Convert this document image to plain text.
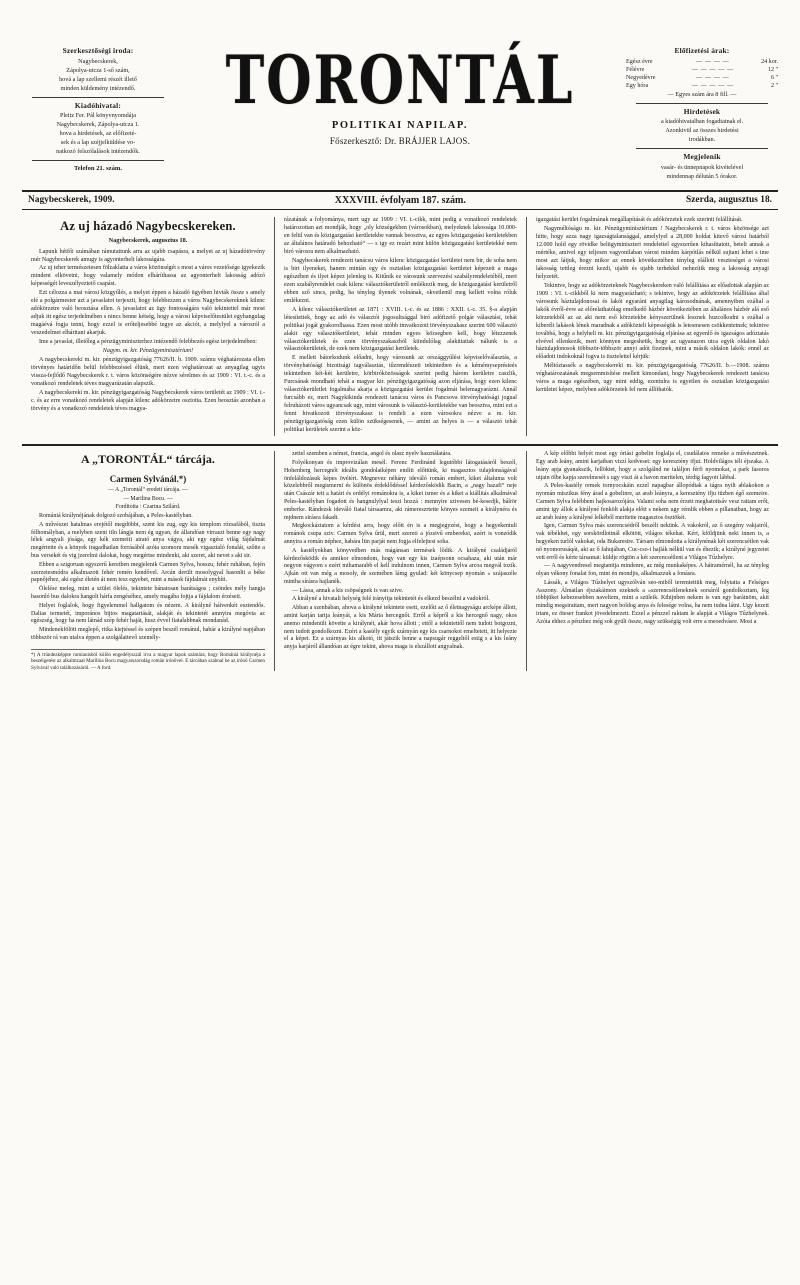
Szerkesztőségi iroda:
Nagybecskerek,
Zápolya-utcza 1-ső szám,
hová a lap szellemi részét illető
minden küldemény intézendő.
Kiadóhivatal:
Pleitz Fer. Pál könyvnyomdája
Nagybecskerek, Zápolya-utcza 1.
hova a hirdetések, az előfizeté-
sek és a lap széjjelküldése vo-
natkozó felszólalások intézendők.
Telefon 21. szám.
TORONTÁL
POLITIKAI NAPILAP.
Főszerkesztő: Dr. BRÁJJER LAJOS.
Előfizetési árak:
Egész évre	— — — —	24 kor.
Félévre	— — — — —	12 "
Negyedévre	— — — —	6 "
Egy hóra	— — — — —	2 "
— Egyes szám ára 8 fill. —
Hirdetések
a kiadóhivatalban fogadtatnak el.
Azonkivül az összes hirdetési
irodákban.
Megjelenik
vasár- és ünnepnapok kivételével
mindennap délután 5 órakor.
Nagybecskerek, 1909.	XXXVIII. évfolyam 187. szám.	Szerda, augusztus 18.
Az uj házadó Nagybecskereken.
Nagybecskerek, augusztus 18.

Lapunk hétfői számában rámutattunk arra az ujabb csapásra, a melyet az uj házadótörvény mér Nagybecskerek amugy is agyonterhelt lakosságára.

Az uj teher természetesen fölzaklatta a város közönségét s most a város vezetősége igyekezik mindent elkövetni, hogy valamely módon elháríthassa az agyonterhelt lakosság adózó képességét leveszélyeztető csapást.

Ezt célozza a mai városi közgyűlés, a melyet éppen a házadó ügyében hivták össze s amely elé a polgármester azt a javaslatot terjeszti, hogy felebbezzen a város Nagybecskereknek kilenc adókörzetre való beosztása ellen. A javaslatot az ügy fontosságára való tekintettel már most adjuk itt egész terjedelmében s nincs benne kétség, hogy a városi képviselőtestület egyhangulag magáévá fogja tenni, hogy ezzel is erőteljesebbé tegye az akciót, a melylyel a városról a veszedelmet elháritani akarjuk.

Ime a javaslat, illetőleg a pénzügyminiszterhez intézendő felebbezés egész terjedelmében:

Nagym. m. kir. Pénzügyminisztérium!

A nagybecskereki m. kir. pénzügyigazgatóság 77626/II. b. 1909. számu véghatározata ellen törvényes határidőn belül felebbezéssel élünk, mert ezen véghatározat az anyagilag ugyis vissza-fejlődő Nagybecskerek r. t. város közönségére nézve sérelmes és az 1909 : VI. t.-c. és a vonatkozó rendeletek téves magyarázatán alapszik.

A nagybecskereki m. kir. pénzügyigazgatóság Nagybecskerek város területét az 1909 : VI. t.-c. és az erre vonatkozó rendeletek alapján kilenc adókörzetre osztotta. Ezen beosztás azonban a törvény és a vonatkozó rendeletek téves magya-

rázatának a folyománya, mert ugy az 1909 : VI. t.-cikk, mint pedig a vonatkozó rendeletek határozottan azt mondják, hogy „oly községekben (városokban), melyeknek lakossága 10.000-en felül van és közigazgatási kerületekbe vannak beosztva, az egyes közigazgatási kerületekben az általános határadó behozható“ — s igy ez rezárt mint külön közigazgatási kerületekké nem biró városra nem alkalmazható.

Nagybecskerek rendezett tanácsu város kilenc közigazgatási kerületet nem bir, de soha nem is birt ilyeneket, hanem mintán egy és osztatlan közigazgatási kerületet képezett a maga egészében és ilyet képez jelenleg is. Kitűnik ez városunk szervezési szabályrendeletéből, mert ezen szabályrendelet csak kilenc választókerületről emlékezik meg, de közigazgatási kerületről ebben sző sincs, pedig, ha tényleg ilyenek volnának, okvetlenül meg kellett volna róluk emlékezni.

A kilenc választókerületet az 1871 : XVIII. t.-c. és az 1886 : XXII. t.-c. 35. §-a alapján létesítettek, hogy az adó és választói jogosultsággal biró adófizető polgár választási, tehát politikai jogát gyakorolhassa. Ezen most utóbb imvatkozott törvényszakasz szerint 600 választó alakit egy választókerületet, tehát minden egyes közsegben kell, hogy létezzenek választókerületek és ezen törvényszakaszból kiindulólag alakittattak nálunk is a választókerületek, de ezek nem közigazgatási kerületek.

E mellett bátorkodunk előadni, hogy városunk az országgyűlési képviselőválasztás, a törvényhatósági bizottsági tagválasztás, tűzrendészeti tekintetben és a kémémyseprésteés tekintetben két-két kerületre, körbiróközösságok szerint pedig három kerületre caszlik, Furcsának mondható tehát a magyar kir. pénzügyigazgatóság azon eljárása, hogy ezen kilenc választókerületlet fogalmába akarja a közigazgatási kerület fogalmát belemagyarázni. Annál furcsább ez, mert Nagykikinda rendezett tanácsu város és Pancsova törvényhatósági jogual felruházott város ugyancsak ugy, mint városunk is választó-kerületekbe van beosztva, mint ezt a fennt hivatkozott törvényszakasz is rendeli a ezen városokra nézve a m. kir. pénzügyigazgatóság ezen külön szükségesenek, — amint az helyes is — a választó tehát politikai kerületek szerint a köz-

igazgatási kerület fogalmának megállapítását és adókörzetek ezek szerinti felállítását.

Nagyméltóságu m. kir. Pénzügyminisztérium ! Nagybecskerek r. t. város közönsége azt hitte, hogy azza nagy igazságtalansággal, amelylyel a 28,000 holdat kitevő városi határból 12.000 hold egy rövidke belügyminiszteri rendelettel egyszerűen kihasíttatott, betelt annak a mértéke, amivel egy teljesen vagyonilaban városi minden kárpótlás nélkül sujtani lehet s ime most azt látjuk, hogy mikor az ennek következtében tényleg elállott veszteséget a városi lakosság tettleg érezni kezdi, ujabb és ujabb terhekkel nehezítik meg a lakosság anyagi helyzetét.

Tekintve, hogy az adókörzeteknek Nagybecskereken való felállítása az előadottak alapján az 1909 : VI. t.-cikkből ki nem magyarázható; s tekintve, hogy az adókörzetek felállítása által városunk háztulajdonosai és lakói egyaránt anyagilag károsodnának, amennyiben ezáltal a lakók évről-évre az előrelathatólag emelkedő házbér következtében az általános házbér alá eső körzetekből az az aki nem eső körzetekbe kényszerülnek lesznek huzcolkodni s ezáltal a kiberélt lakások lének maradnak a adóközteli képességük is letesmesen csökkentetnek; tekintve továbbá, hogy a helyheli m. kir. pénzügyigazgatóság eljárása az egyenlő és igazságos adóztatás elvével ellenkezik, mert könnyen megeshetik, hogy az ugyanazon utca egyik oldalon lakó háztulajdonosok többször-többször annyi adót fizeinek, mint a másik oldalon lakók: ennél az előadott indokoknál fogva is tisztelettel kérjük:

Méltóztassék a nagybecskereki m. kir. pénzügyigazgatóság 77626/II. b.—1908. számu véghatározatának megsemmisítése mellett kimondani, hogy Nagybecskerek rendezett tanácsu város a maga egészében, ugy mint eddig, ezentulra is egyetlen és osztatlan közigazgatási kerületet képez, melyben adókörzetek fel nem állíthatók.

A „TORONTÁL“ tárcája.
Carmen Sylvánál.*)
— A „Torontál“ eredeti tárcája. —
— Marilina Bocu. —
Forditotta : Czarina Szilárd.

Romániá királynéjának dolgozó szobájában, a Peles-kastélyban.

A művészet hatalmas erejétől megdöbbt, szent kis zug, egy kis templom rózsafából, tiszta félhomályban, a melyben szent tiln lángja nem ég ugyan, de állandóan virraszt benne egy nagy lélek angyali jósága, egy kék szemeiti airató anya vágya, aki egy egész világ fájdalmát megértette és a könyek iragadhatlan forrásából azóta szomoru mesék vigasztaló fonalát, szőtte a bus versekét és vig jzerelmi dalokat, hogy megértse mindenki, aki szeret, aki nevet s aki sir.

Ebben a szigoruan egyszerű keretben megjelenik Carmen Sylva, hosszu, fehér ruhában, fején szerzetesmódra alkalmazott fehér remén kendővel. Arcán derült mosolygyal hasonlit a béke papnőjéhez, aki egész életén át nem tesz egyebet, mint a mások fájdalmát enyhíti.

Ölelése meleg, mint a szülei ölelés, tekintete bánatosan barátságos ; csöndes mély hangja hasonló bus dalokra hangolt hárfa zengéséhez, amely magába fojtja a fájdalom érzéseit.

Helyet foglalok, hogy figyelemmel hallgatom és nézem. A királyné háivenkét esztendős. Dalias termetét, imporános bijtos magatartását, alakját és tekintetét amnyira megóvta az egészség, hogy ha nem látnád szép fehér haját, husz évvel fiatalabbnak mondanád.

Mindenekfölött meglepő, ritka kiejtéssel és szépen beszél románul, habár a királyné napjában többször rá van utalva éppen a szolgálattevő személy-

*) A tründezképpte rumianisból külön engedélyszzál irva a magyar lapok számára, hogy Romániá királynéja a beszélgetést az alkalmzaal Marilina Bocu magyarszorsdág román irónővel. E tárcában szabnal be az irónő Carmen Sylvával való találkozásáról. — A ford.

zettel szemben a német, francia, angol és olasz nyelv használatára.

Folyékonyan és improvizálan mesél. Ferenc Ferdinánd legutóbbi látogatásáról beszél, Hohenberg hercegnőt ideális gondolatképen említi előttünk, ki magasztos tulajdonságával önfeláldozásuk képes övéiért. Megnevez néhány ideváló román embert, kiket általuma volt közelebbről megismerni és különös érdeklődéssel kérdezősködik Bacin, a „nagy hazafi“ neje után Császár tett a határi és erdélyi románokra is, a kiket ismer és a kiket a kiállitás alkalmával Peles-kastélyban fogadott és hangnulylyal teszi hozzá : mennyire szivesen bé-kesedjk, bálrör emberke. Rándezsk ideváló fiatal társaamra, aki rámereszrtette könyes szemeit a királynéra és mjdnem sirásra fakadt.

Megkockáztatom a kérdést arra, hogy előtt én is a megjegyzést, hogy a hegyekentuli románok csupa sziv. Carmen Sylva űrül, mert szereti a józsivű embereksi, azért is vonzódik annyira a román néphez, habára ltin parját nem fogja elfelejtesi soha.

A kastélyokban könyvedben más mágánsan termések lődik. A királyné családjáról kérdezősködik és annikor elmondom, hogy van egy kis izaépsonn ocsahaza, aki után már negyon vágyom s ezért mihamarabb el kell indulnom innen, Carmen Sylva arcoa megvál tozik. Ajkán ott van még a mosoly, de szemében lámg gyulad: két könycsep nyomán « szájaszéle mintha sírásra hajlanék.

— Lássa, annak a kis csöpségnek is van szive.

A királyné a hivatali helység felé irányítja tekintetét és elkezd beszélni a vadokról.

Abban a szenbában, ahova a királyné tekintete esett, ezelőtt az ő életnagyságu arcképe állott, amint karján tartja leányát, a kis Mária hercegnőt. Erről a képről a kis hercegnő nagy, okos anemo mindenült követte a királynét, akár hova állott ; ettől a tekintettől nem tudott botgozni, nem tudott gondolkozni. Ezért a kastély egyik szárnyán egy kis csarnokot emeltetett, itt helyezte el a képet. Ez a szárnyas kis alkotó, itt játszik benne a napsugár reggeltől estig s a kis leány anyja karjáról állandóan az égre tekint, ahova maga is elszállott angyalnak.

A kép előbbi helyét most egy óriási gobelin foglalja el, csudálatos remeke a művészetnek. Egy arab leány, amint karjaiban vizzí kedveset: egy keresztény ifjut. Holdvilágos téli éjszaka. A leány apja gyanakszik, fellöktet, hogy a szolgálnd ne találjon férfi nyomokat, a park fasoros utjain ölbe kapja szerelmesét s ugy viszi át a havon meritelen, térdig fagyott lábbal.

A Peles-kastély remek tornyocskáin ezzel napagbar állopódtak a tágra nyilt ablakokon a nyomán miszikus fény árad a gobelinre, az arab leányra, a keresztény ifju tüzben égő szemeire. Carmen Sylva felébbem hajkosarozójára. Valami soha nem érzett meghatottsáv vesz raitam erőt, amint igy állok a királyné fenkölt alakja előtt s nekem ugy rémlik ebben a pillanatban, hogy az az arab leány a királyné lelkéből meritette magasztos ösztökét.

Igen, Carmen Sylva más szerencsédről beszélt nekünk. A vakokról, az ő szegény vakjairól, vak tébékhet, egy sorskördlottnál elkötött, világos tékehat. Kért, kföldjünk neki innen is, a hegyeken turlól vakokat, oda Bukarestre. Társam elmondotta a királynénak két szerencsétlen vak nő nyomorusáqát, aki az ő fahujában, Cuc-cso-i hajlák nélkül van és éhezik; a királyné jegyzetet vett erről és kérte társamat: küldje rögtön a két szerencsétlent a Világos Tűzhelyre.

— A nagyvendresel megtanitja mindenre, az még munkaképes. A hátramérnél, ha az tényleg olyan vékony fonalat fon, mint én mondjis, alkalmazzuk a fonásra.

Lássák, a Világos Tűzhelyet ugyszólván seo-miből teremtettük meg, folytatta a Felséges Asszony. Álmatlan éjszakáimon ezeknek a »szerencsétleneknek sorsáról gondolkoztam, leg többjüket kebezesebben naveltem, mint a szüleik. Kthijnben nekem is van egy barátnöm, akit mindig megsirattam, mert nagyon boldog anya és felesége volna, ha nem tudna látni. Ugy kezett irtam, ez öteser frankot jövedelmezett. Ezzel a pénzzel raktam le alapját a Világos Tűzhelynek. Azóta ehhez a pénzhez még sok gyült össze, nagy szükségig volt erre a meoedvásre. Most a
